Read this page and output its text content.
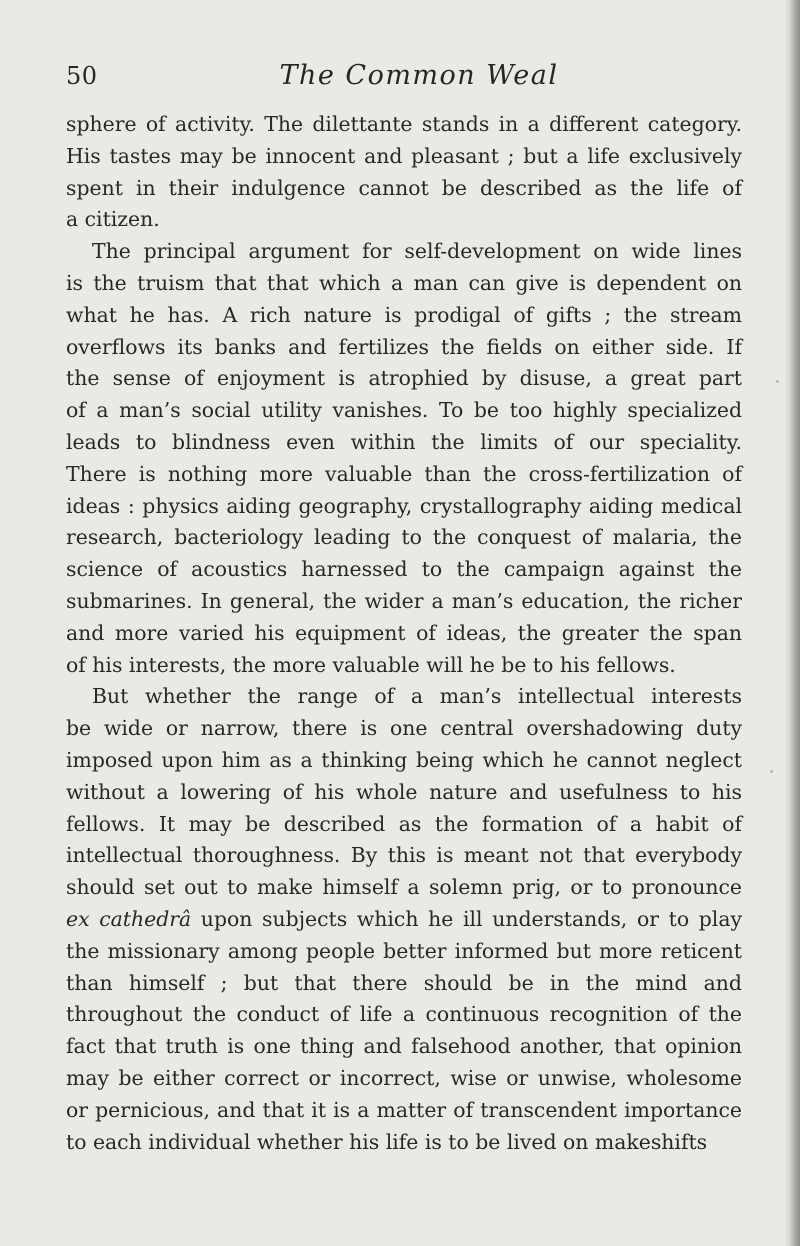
50	The Common Weal
sphere of activity. The dilettante stands in a different category.
His tastes may be innocent and pleasant ; but a life exclusively
spent in their indulgence cannot be described as the life of
a citizen.
The principal argument for self-development on wide lines
is the truism that that which a man can give is dependent on
what he has. A rich nature is prodigal of gifts ; the stream
overflows its banks and fertilizes the fields on either side. If
the sense of enjoyment is atrophied by disuse, a great part
of a man’s social utility vanishes. To be too highly specialized
leads to blindness even within the limits of our speciality.
There is nothing more valuable than the cross-fertilization of
ideas : physics aiding geography, crystallography aiding medical
research, bacteriology leading to the conquest of malaria, the
science of acoustics harnessed to the campaign against the
submarines. In general, the wider a man’s education, the richer
and more varied his equipment of ideas, the greater the span
of his interests, the more valuable will he be to his fellows.
But whether the range of a man’s intellectual interests
be wide or narrow, there is one central overshadowing duty
imposed upon him as a thinking being which he cannot neglect
without a lowering of his whole nature and usefulness to his
fellows. It may be described as the formation of a habit of
intellectual thoroughness. By this is meant not that everybody
should set out to make himself a solemn prig, or to pronounce
ex cathedrâ upon subjects which he ill understands, or to play
the missionary among people better informed but more reticent
than himself ; but that there should be in the mind and
throughout the conduct of life a continuous recognition of the
fact that truth is one thing and falsehood another, that opinion
may be either correct or incorrect, wise or unwise, wholesome
or pernicious, and that it is a matter of transcendent importance
to each individual whether his life is to be lived on makeshifts
